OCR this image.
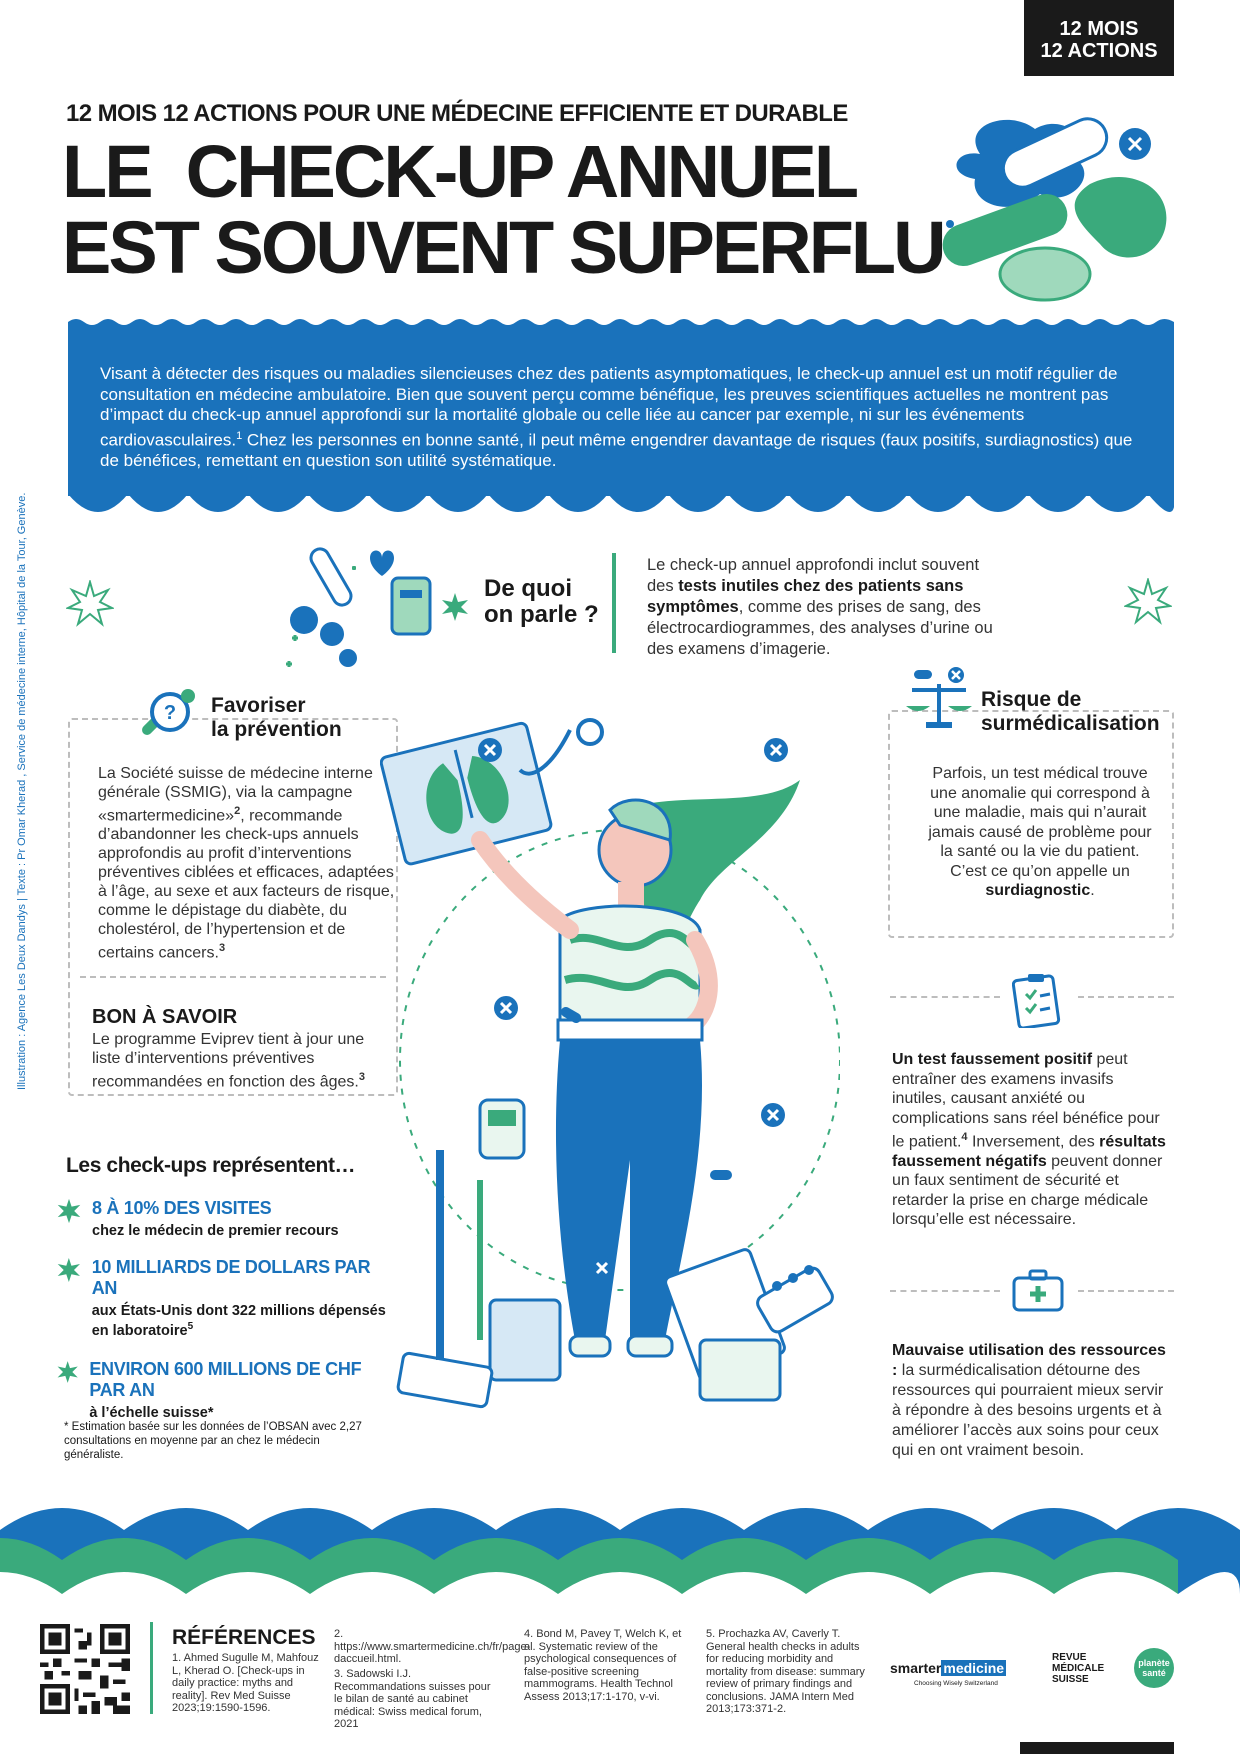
12 MOIS
12 ACTIONS
12 MOIS 12 ACTIONS POUR UNE MÉDECINE EFFICIENTE ET DURABLE
LE  CHECK-UP ANNUEL
EST SOUVENT SUPERFLU
Visant à détecter des risques ou maladies silencieuses chez des patients asymptomatiques, le check-up annuel est un motif régulier de consultation en médecine ambulatoire. Bien que souvent perçu comme bénéfique, les preuves scientifiques actuelles ne montrent pas d’impact du check-up annuel approfondi sur la mortalité globale ou celle liée au cancer par exemple, ni sur les événements cardiovasculaires.$^1$ Chez les personnes en bonne santé, il peut même engendrer davantage de risques (faux positifs, surdiagnostics) que de bénéfices, remettant en question son utilité systématique.
Illustration : Agence Les Deux Dandys | Texte : Pr Omar Kherad , Service de médecine interne, Hôpital de la Tour, Genève.	De quoi
on parle ?
Le check-up annuel approfondi inclut souvent des tests inutiles chez des patients sans symptômes, comme des prises de sang, des électrocardiogrammes, des analyses d’urine ou des examens d’imagerie.
? Favoriser
la prévention
La Société suisse de médecine interne générale (SSMIG), via la campagne «smartermedicine»$^2$, recommande d’abandonner les check-ups annuels approfondis au profit d’interventions préventives ciblées et efficaces, adaptées à l’âge, au sexe et aux facteurs de risque, comme le dépistage du diabète, du cholestérol, de l’hypertension et de certains cancers.$^3$
BON À SAVOIR
Le programme Eviprev tient à jour une liste d’interventions préventives recommandées en fonction des âges.$^3$
Les check-ups représentent…
8 À 10% DES VISITES
chez le médecin de premier recours
10 MILLIARDS DE DOLLARS PAR AN
aux États-Unis dont 322 millions dépensés en laboratoire$^5$
ENVIRON 600 MILLIONS DE CHF PAR AN
à l’échelle suisse*
* Estimation basée sur les données de l’OBSAN avec 2,27 consultations en moyenne par an chez le médecin généraliste.
Risque de
surmédicalisation
Parfois, un test médical trouve une anomalie qui correspond à une maladie, mais qui n’aurait jamais causé de problème pour la santé ou la vie du patient. C’est ce qu’on appelle un surdiagnostic.
Un test faussement positif peut entraîner des examens invasifs inutiles, causant anxiété ou complications sans réel bénéfice pour le patient.$^4$ Inversement, des résultats faussement négatifs peuvent donner un faux sentiment de sécurité et retarder la prise en charge médicale lorsqu’elle est nécessaire.
Mauvaise utilisation des ressources : la surmédicalisation détourne des ressources qui pourraient mieux servir à répondre à des besoins urgents et à améliorer l’accès aux soins pour ceux qui en ont vraiment besoin.
RÉFÉRENCES
1. Ahmed Sugulle M, Mahfouz L, Kherad O. [Check-ups in daily practice: myths and reality]. Rev Med Suisse 2023;19:1590-1596.
2. https://www.smartermedicine.ch/fr/page-daccueil.html.
3. Sadowski I.J. Recommandations suisses pour le bilan de santé au cabinet médical: Swiss medical forum, 2021
4. Bond M, Pavey T, Welch K, et al. Systematic review of the psychological consequences of false-positive screening mammograms. Health Technol Assess 2013;17:1-170, v-vi.
5. Prochazka AV, Caverly T. General health checks in adults for reducing morbidity and mortality from disease: summary review of primary findings and conclusions. JAMA Intern Med 2013;173:371-2.
smarter medicine
Choosing Wisely Switzerland
REVUE
MÉDICALE
SUISSE
planète
santé
